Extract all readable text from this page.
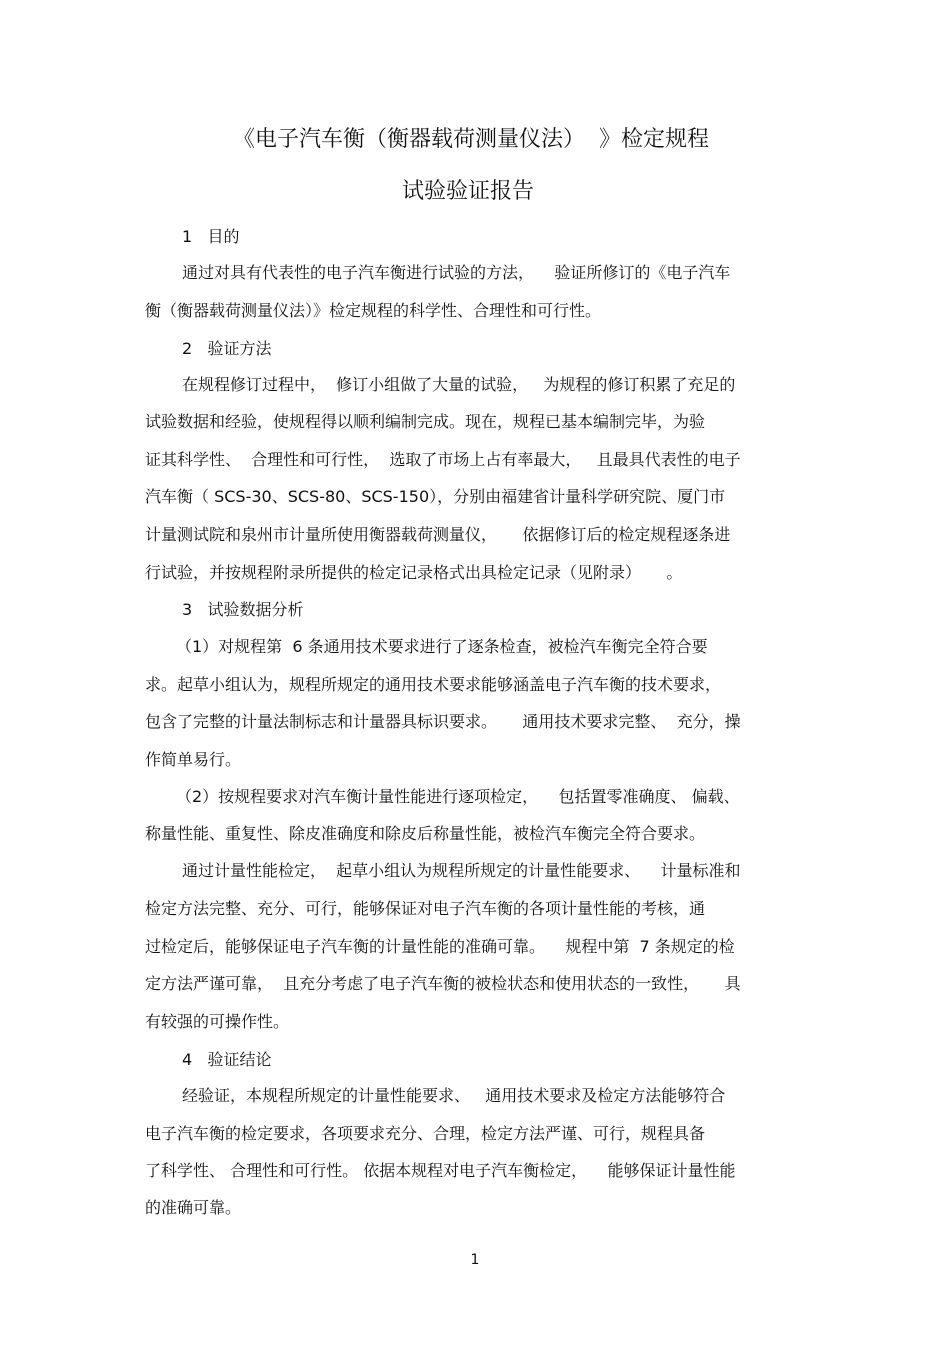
《电子汽车衡（衡器载荷测量仪法）  》检定规程
试验验证报告
1   目的
通过对具有代表性的电子汽车衡进行试验的方法，    验证所修订的《电子汽车
衡（衡器载荷测量仪法）》检定规程的科学性、合理性和可行性。
2   验证方法
在规程修订过程中，  修订小组做了大量的试验，   为规程的修订积累了充足的
试验数据和经验，使规程得以顺利编制完成。现在，规程已基本编制完毕，为验
证其科学性、  合理性和可行性，  选取了市场上占有率最大，   且最具代表性的电子
汽车衡（ SCS-30、SCS-80、SCS-150），分别由福建省计量科学研究院、厦门市
计量测试院和泉州市计量所使用衡器载荷测量仪，     依据修订后的检定规程逐条进
行试验，并按规程附录所提供的检定记录格式出具检定记录（见附录）     。
3   试验数据分析
（1）对规程第  6 条通用技术要求进行了逐条检查，被检汽车衡完全符合要
求。起草小组认为，规程所规定的通用技术要求能够涵盖电子汽车衡的技术要求，
包含了完整的计量法制标志和计量器具标识要求。     通用技术要求完整、  充分，操
作简单易行。
（2）按规程要求对汽车衡计量性能进行逐项检定，    包括置零准确度、 偏载、
称量性能、重复性、除皮准确度和除皮后称量性能，被检汽车衡完全符合要求。
通过计量性能检定，  起草小组认为规程所规定的计量性能要求、    计量标准和
检定方法完整、充分、可行，能够保证对电子汽车衡的各项计量性能的考核，通
过检定后，能够保证电子汽车衡的计量性能的准确可靠。    规程中第  7 条规定的检
定方法严谨可靠，  且充分考虑了电子汽车衡的被检状态和使用状态的一致性，     具
有较强的可操作性。
4   验证结论
经验证，本规程所规定的计量性能要求、   通用技术要求及检定方法能够符合
电子汽车衡的检定要求，各项要求充分、合理，检定方法严谨、可行，规程具备
了科学性、 合理性和可行性。 依据本规程对电子汽车衡检定，    能够保证计量性能
的准确可靠。
1
